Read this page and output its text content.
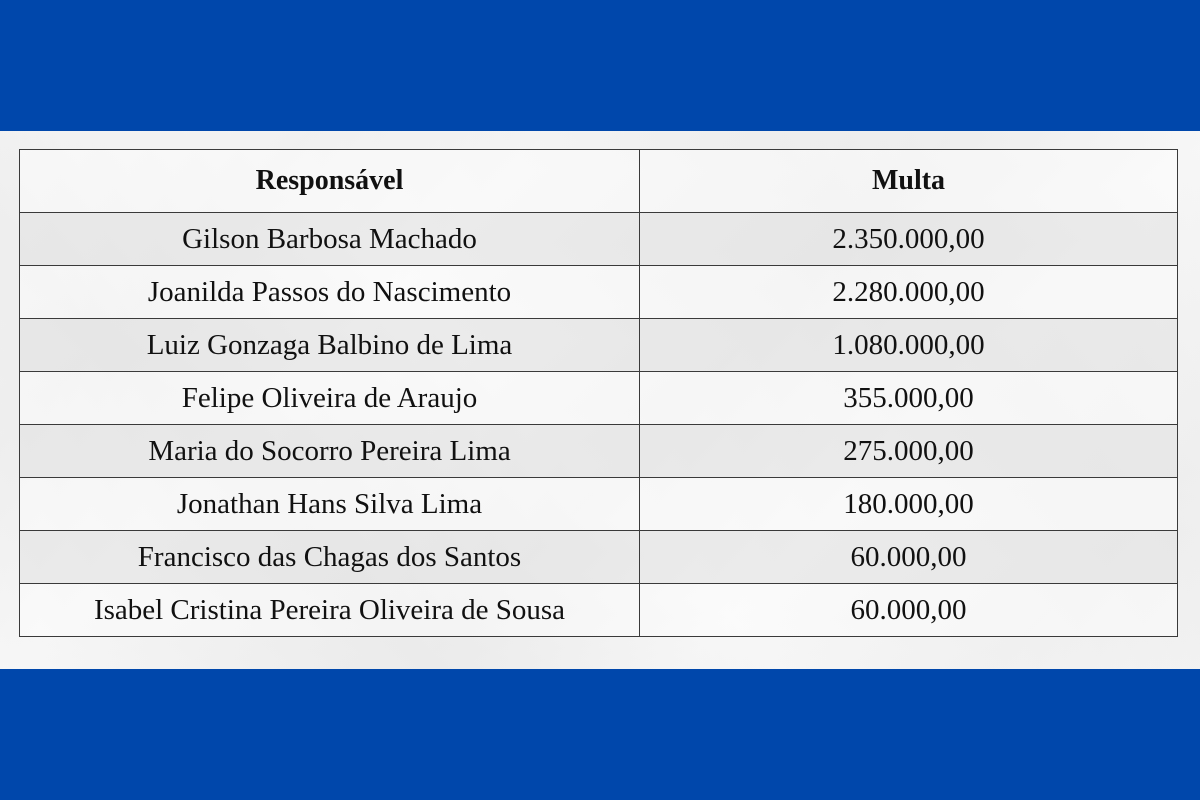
Responsável	Multa
Gilson Barbosa Machado	2.350.000,00
Joanilda Passos do Nascimento	2.280.000,00
Luiz Gonzaga Balbino de Lima	1.080.000,00
Felipe Oliveira de Araujo	355.000,00
Maria do Socorro Pereira Lima	275.000,00
Jonathan Hans Silva Lima	180.000,00
Francisco das Chagas dos Santos	60.000,00
Isabel Cristina Pereira Oliveira de Sousa	60.000,00
